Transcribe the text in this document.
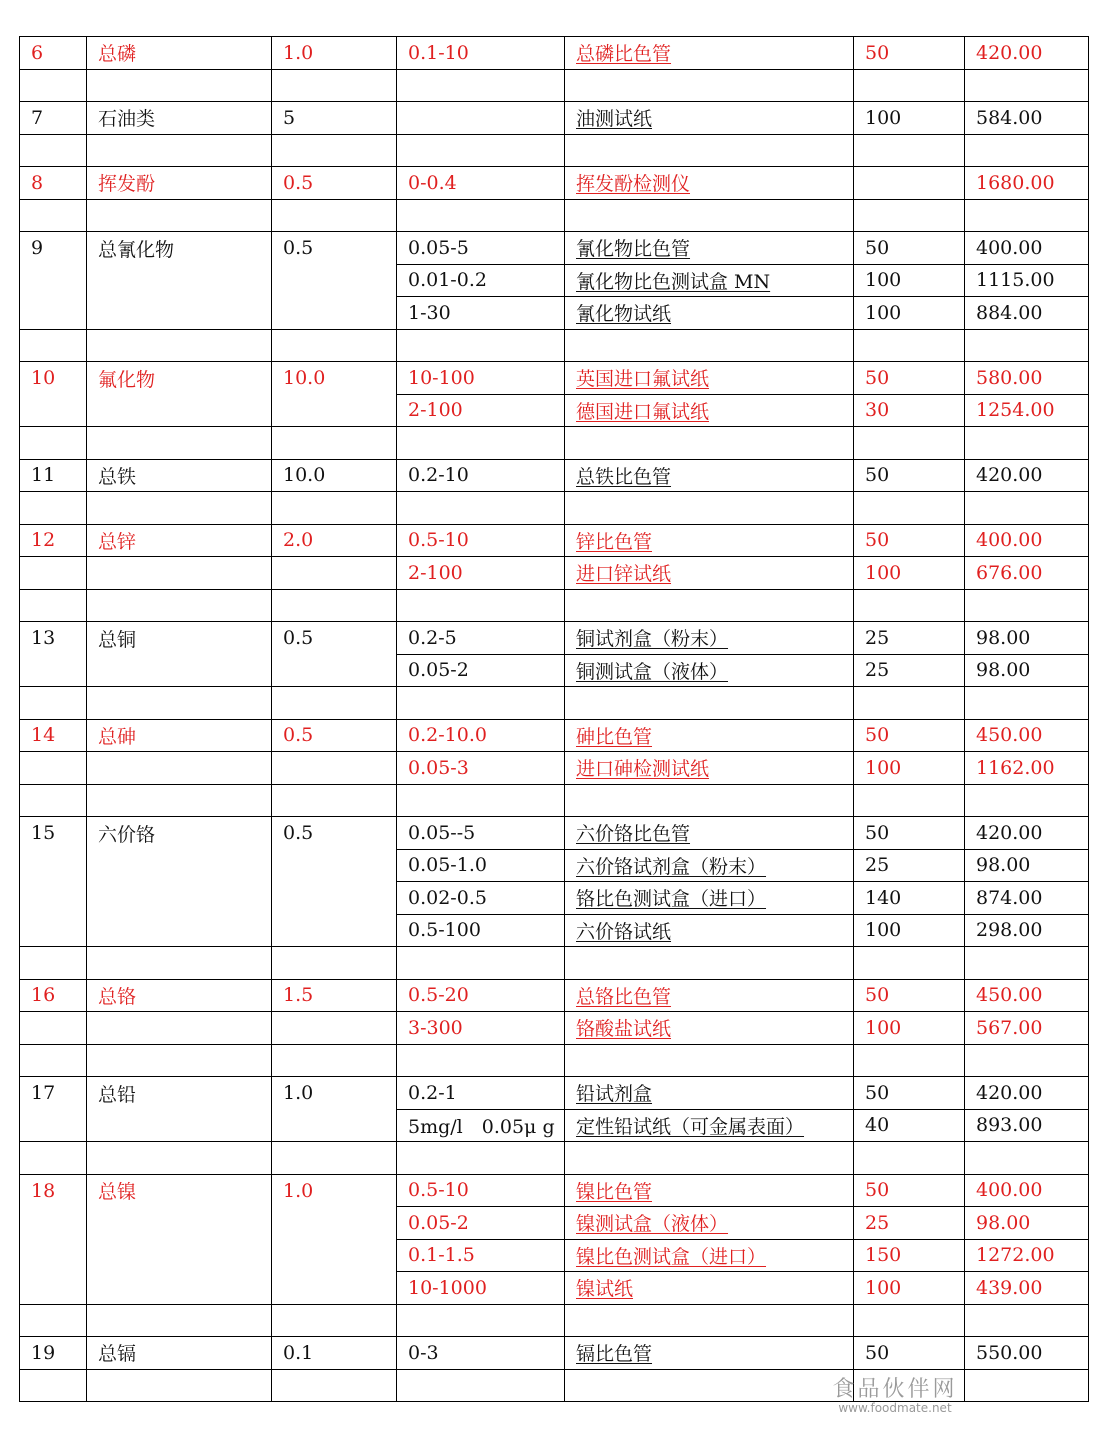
6	总磷	1.0	0.1-10	总磷比色管	50	420.00

7	石油类	5		油测试纸	100	584.00

8	挥发酚	0.5	0-0.4	挥发酚检测仪		1680.00

9	总氰化物	0.5	0.05-5	氰化物比色管	50	400.00
			0.01-0.2	氰化物比色测试盒 MN	100	1115.00
			1-30	氰化物试纸	100	884.00

10	氟化物	10.0	10-100	英国进口氟试纸	50	580.00
			2-100	德国进口氟试纸	30	1254.00

11	总铁	10.0	0.2-10	总铁比色管	50	420.00

12	总锌	2.0	0.5-10	锌比色管	50	400.00
			2-100	进口锌试纸	100	676.00

13	总铜	0.5	0.2-5	铜试剂盒（粉末）	25	98.00
			0.05-2	铜测试盒（液体）	25	98.00

14	总砷	0.5	0.2-10.0	砷比色管	50	450.00
			0.05-3	进口砷检测试纸	100	1162.00

15	六价铬	0.5	0.05--5	六价铬比色管	50	420.00
			0.05-1.0	六价铬试剂盒（粉末）	25	98.00
			0.02-0.5	铬比色测试盒（进口）	140	874.00
			0.5-100	六价铬试纸	100	298.00

16	总铬	1.5	0.5-20	总铬比色管	50	450.00
			3-300	铬酸盐试纸	100	567.00

17	总铅	1.0	0.2-1	铅试剂盒	50	420.00
			5mg/l　0.05μ g	定性铅试纸（可金属表面）	40	893.00

18	总镍	1.0	0.5-10	镍比色管	50	400.00
			0.05-2	镍测试盒（液体）	25	98.00
			0.1-1.5	镍比色测试盒（进口）	150	1272.00
			10-1000	镍试纸	100	439.00

19	总镉	0.1	0-3	镉比色管	50	550.00

食品伙伴网
www.foodmate.net
